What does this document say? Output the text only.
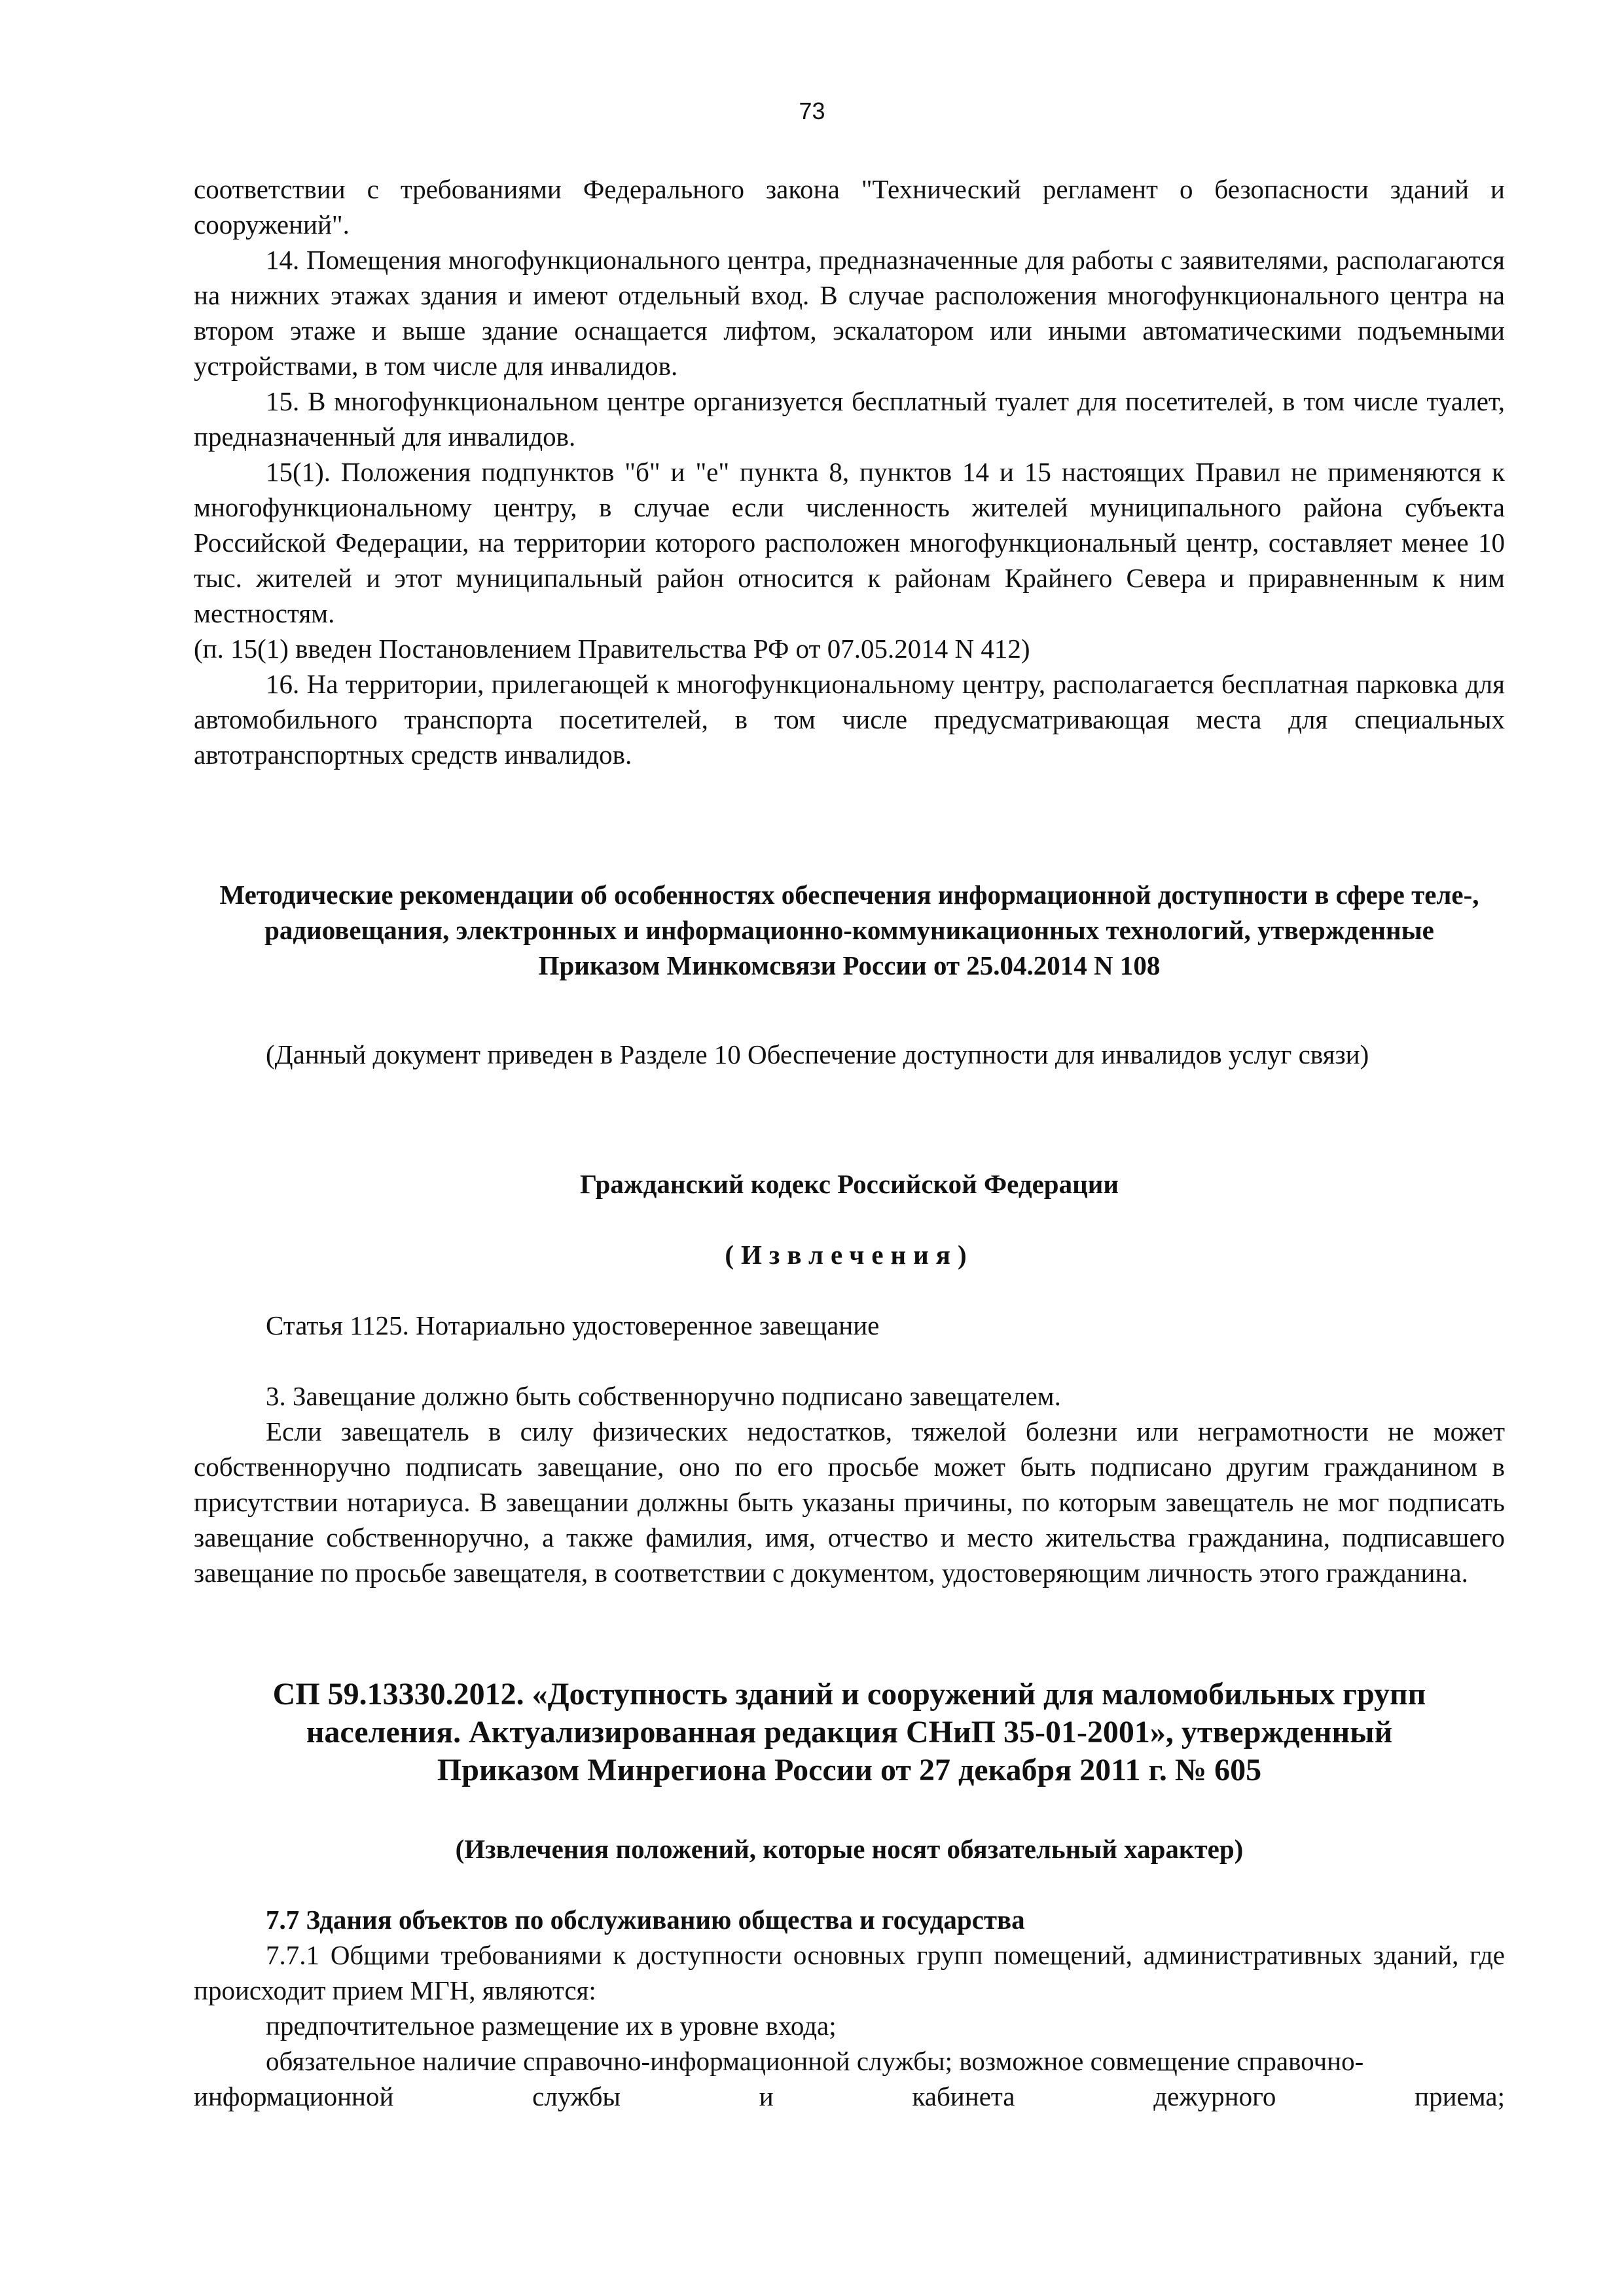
73

соответствии с требованиями Федерального закона "Технический регламент о безопасности зданий и сооружений".

14. Помещения многофункционального центра, предназначенные для работы с заявителями, располагаются на нижних этажах здания и имеют отдельный вход. В случае расположения многофункционального центра на втором этаже и выше здание оснащается лифтом, эскалатором или иными автоматическими подъемными устройствами, в том числе для инвалидов.

15. В многофункциональном центре организуется бесплатный туалет для посетителей, в том числе туалет, предназначенный для инвалидов.

15(1). Положения подпунктов "б" и "е" пункта 8, пунктов 14 и 15 настоящих Правил не применяются к многофункциональному центру, в случае если численность жителей муниципального района субъекта Российской Федерации, на территории которого расположен многофункциональный центр, составляет менее 10 тыс. жителей и этот муниципальный район относится к районам Крайнего Севера и приравненным к ним местностям.

(п. 15(1) введен Постановлением Правительства РФ от 07.05.2014 N 412)

16. На территории, прилегающей к многофункциональному центру, располагается бесплатная парковка для автомобильного транспорта посетителей, в том числе предусматривающая места для специальных автотранспортных средств инвалидов.

Методические рекомендации об особенностях обеспечения информационной доступности в сфере теле-, радиовещания, электронных и информационно-коммуникационных технологий, утвержденные Приказом Минкомсвязи России от 25.04.2014 N 108

(Данный документ приведен в Разделе 10 Обеспечение доступности для инвалидов услуг связи)

Гражданский кодекс Российской Федерации

(Извлечения)

Статья 1125. Нотариально удостоверенное завещание

3. Завещание должно быть собственноручно подписано завещателем.

Если завещатель в силу физических недостатков, тяжелой болезни или неграмотности не может собственноручно подписать завещание, оно по его просьбе может быть подписано другим гражданином в присутствии нотариуса. В завещании должны быть указаны причины, по которым завещатель не мог подписать завещание собственноручно, а также фамилия, имя, отчество и место жительства гражданина, подписавшего завещание по просьбе завещателя, в соответствии с документом, удостоверяющим личность этого гражданина.

СП 59.13330.2012. «Доступность зданий и сооружений для маломобильных групп населения. Актуализированная редакция СНиП 35-01-2001», утвержденный Приказом Минрегиона России от 27 декабря 2011 г. № 605

(Извлечения положений, которые носят обязательный характер)

7.7 Здания объектов по обслуживанию общества и государства

7.7.1 Общими требованиями к доступности основных групп помещений, административных зданий, где происходит прием МГН, являются:

предпочтительное размещение их в уровне входа;

обязательное наличие справочно-информационной службы; возможное совмещение справочно-

информационной службы и кабинета дежурного приема;
